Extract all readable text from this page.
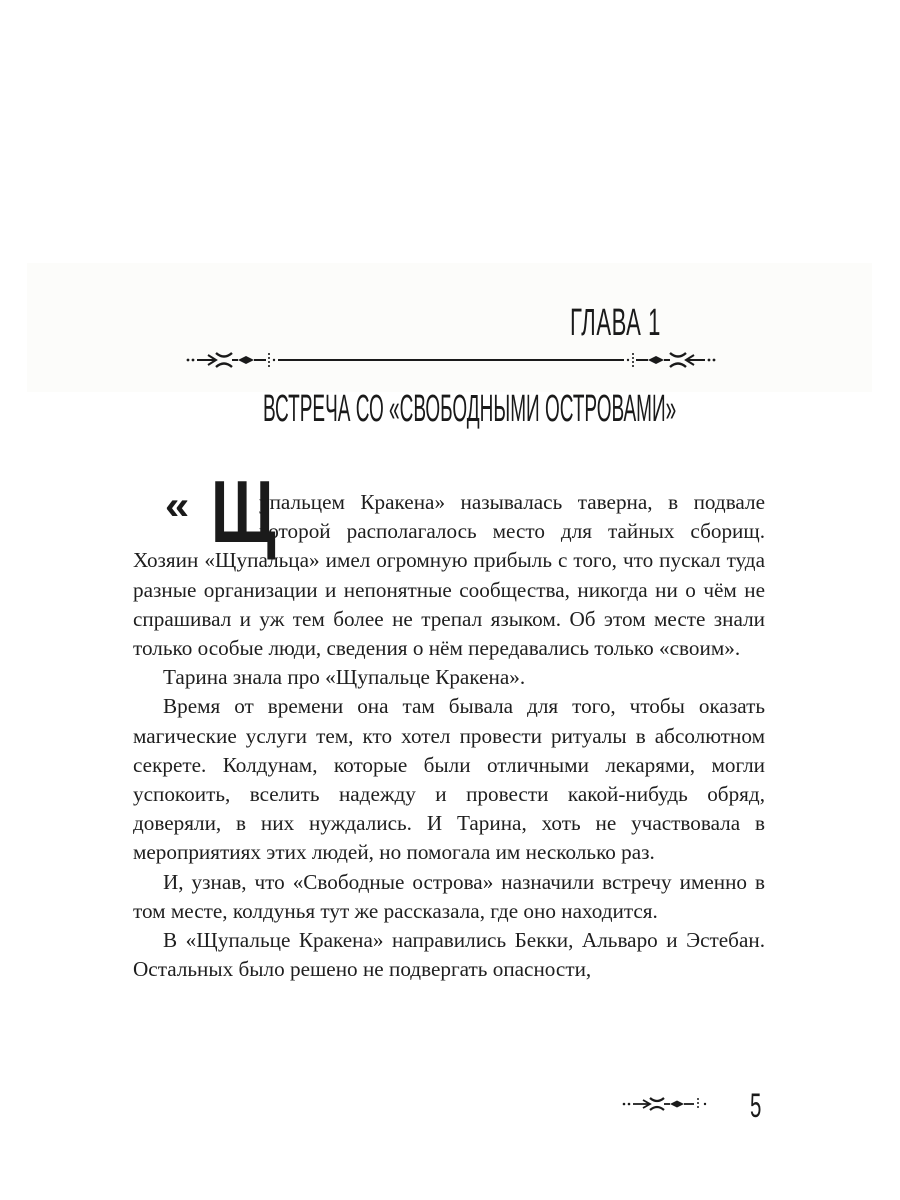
ГЛАВА 1
ВСТРЕЧА СО «СВОБОДНЫМИ ОСТРОВАМИ»
« Щ

упальцем Кракена» называлась таверна, в подвале которой располагалось место для тайных сборищ. Хозяин «Щупальца» имел огромную прибыль с того, что пускал туда разные организации и непонятные сообщества, никогда ни о чём не спрашивал и уж тем более не трепал языком. Об этом месте знали только особые люди, сведения о нём передавались только «своим».

Тарина знала про «Щупальце Кракена».

Время от времени она там бывала для того, чтобы оказать магические услуги тем, кто хотел провести ритуалы в абсолютном секрете. Колдунам, которые были отличными лекарями, могли успокоить, вселить надежду и провести какой-нибудь обряд, доверяли, в них нуждались. И Тарина, хоть не участвовала в мероприятиях этих людей, но помогала им несколько раз.

И, узнав, что «Свободные острова» назначили встречу именно в том месте, колдунья тут же рассказала, где оно находится.

В «Щупальце Кракена» направились Бекки, Альваро и Эстебан. Остальных было решено не подвергать опасности,

5
